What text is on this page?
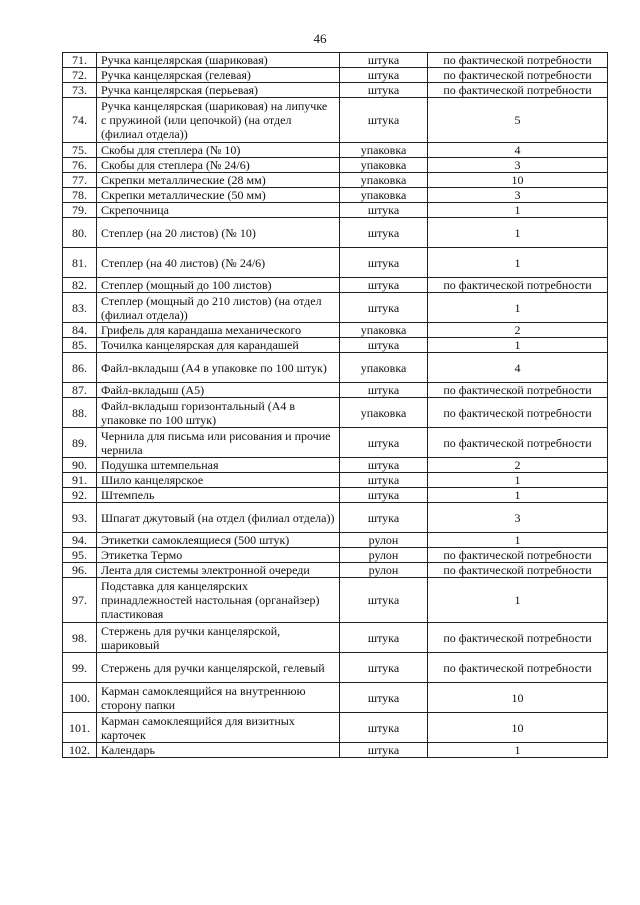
46
71.	Ручка канцелярская (шариковая)	штука	по фактической потребности
72.	Ручка канцелярская (гелевая)	штука	по фактической потребности
73.	Ручка канцелярская (перьевая)	штука	по фактической потребности
74.	Ручка канцелярская (шариковая) на липучке с пружиной (или цепочкой) (на отдел (филиал отдела))	штука	5
75.	Скобы для степлера (№ 10)	упаковка	4
76.	Скобы для степлера (№ 24/6)	упаковка	3
77.	Скрепки металлические (28 мм)	упаковка	10
78.	Скрепки металлические (50 мм)	упаковка	3
79.	Скрепочница	штука	1
80.	Степлер (на 20 листов) (№ 10)	штука	1
81.	Степлер (на 40 листов) (№ 24/6)	штука	1
82.	Степлер (мощный до 100 листов)	штука	по фактической потребности
83.	Степлер (мощный до 210 листов) (на отдел (филиал отдела))	штука	1
84.	Грифель для карандаша механического	упаковка	2
85.	Точилка канцелярская для карандашей	штука	1
86.	Файл-вкладыш (А4 в упаковке по 100 штук)	упаковка	4
87.	Файл-вкладыш (А5)	штука	по фактической потребности
88.	Файл-вкладыш горизонтальный (А4 в упаковке по 100 штук)	упаковка	по фактической потребности
89.	Чернила для письма или рисования и прочие чернила	штука	по фактической потребности
90.	Подушка штемпельная	штука	2
91.	Шило канцелярское	штука	1
92.	Штемпель	штука	1
93.	Шпагат джутовый (на отдел (филиал отдела))	штука	3
94.	Этикетки самоклеящиеся (500 штук)	рулон	1
95.	Этикетка Термо	рулон	по фактической потребности
96.	Лента для системы электронной очереди	рулон	по фактической потребности
97.	Подставка для канцелярских принадлежностей настольная (органайзер) пластиковая	штука	1
98.	Стержень для ручки канцелярской, шариковый	штука	по фактической потребности
99.	Стержень для ручки канцелярской, гелевый	штука	по фактической потребности
100.	Карман самоклеящийся на внутреннюю сторону папки	штука	10
101.	Карман самоклеящийся для визитных карточек	штука	10
102.	Календарь	штука	1
